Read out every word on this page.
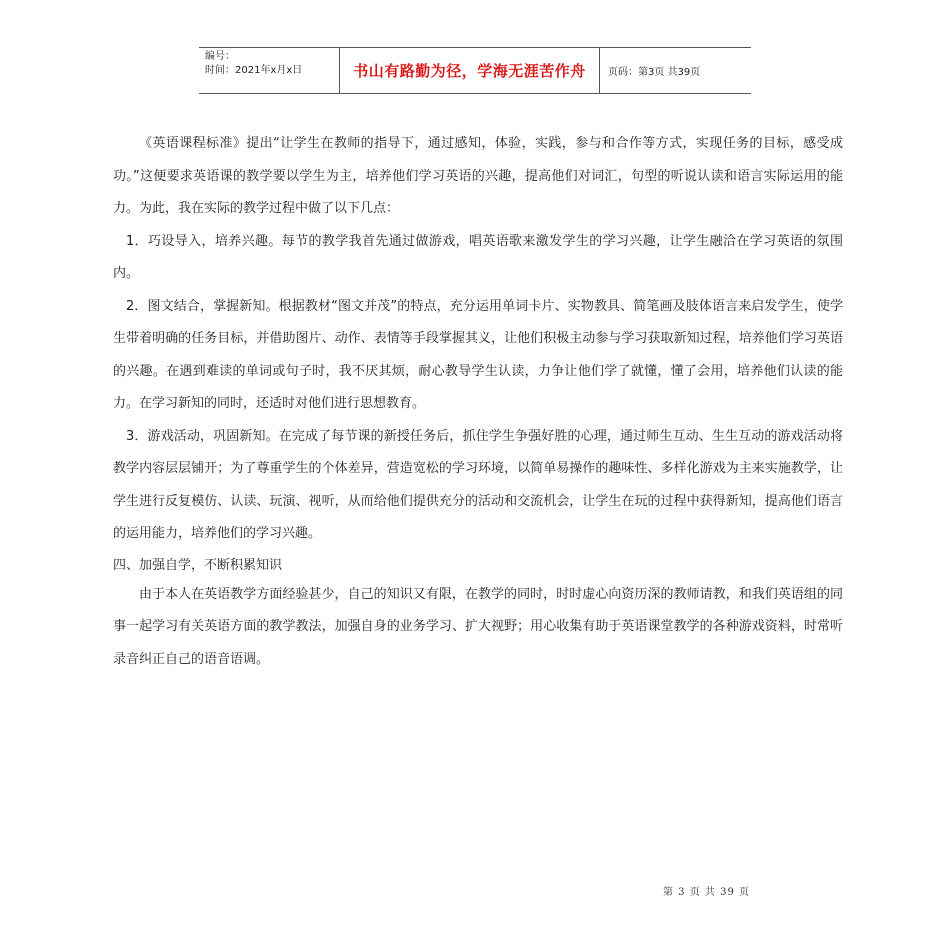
编号：
时间：2021年x月x日	书山有路勤为径，学海无涯苦作舟	页码：第3页 共39页

《英语课程标准》提出“让学生在教师的指导下，通过感知，体验，实践，参与和合作等方式，实现任务的目标，感受成功。”这便要求英语课的教学要以学生为主，培养他们学习英语的兴趣，提高他们对词汇，句型的听说认读和语言实际运用的能力。为此，我在实际的教学过程中做了以下几点：

1．巧设导入，培养兴趣。每节的教学我首先通过做游戏，唱英语歌来激发学生的学习兴趣，让学生融洽在学习英语的氛围内。

2．图文结合，掌握新知。根据教材“图文并茂”的特点，充分运用单词卡片、实物教具、简笔画及肢体语言来启发学生，使学生带着明确的任务目标，并借助图片、动作、表情等手段掌握其义，让他们积极主动参与学习获取新知过程，培养他们学习英语的兴趣。在遇到难读的单词或句子时，我不厌其烦，耐心教导学生认读，力争让他们学了就懂，懂了会用，培养他们认读的能力。在学习新知的同时，还适时对他们进行思想教育。

3．游戏活动，巩固新知。在完成了每节课的新授任务后，抓住学生争强好胜的心理，通过师生互动、生生互动的游戏活动将教学内容层层铺开；为了尊重学生的个体差异，营造宽松的学习环境，以简单易操作的趣味性、多样化游戏为主来实施教学，让学生进行反复模仿、认读、玩演、视听，从而给他们提供充分的活动和交流机会，让学生在玩的过程中获得新知，提高他们语言的运用能力，培养他们的学习兴趣。

四、加强自学，不断积累知识

由于本人在英语教学方面经验甚少，自己的知识又有限，在教学的同时，时时虚心向资历深的教师请教，和我们英语组的同事一起学习有关英语方面的教学教法，加强自身的业务学习、扩大视野；用心收集有助于英语课堂教学的各种游戏资料，时常听录音纠正自己的语音语调。

第 3 页 共 39 页
